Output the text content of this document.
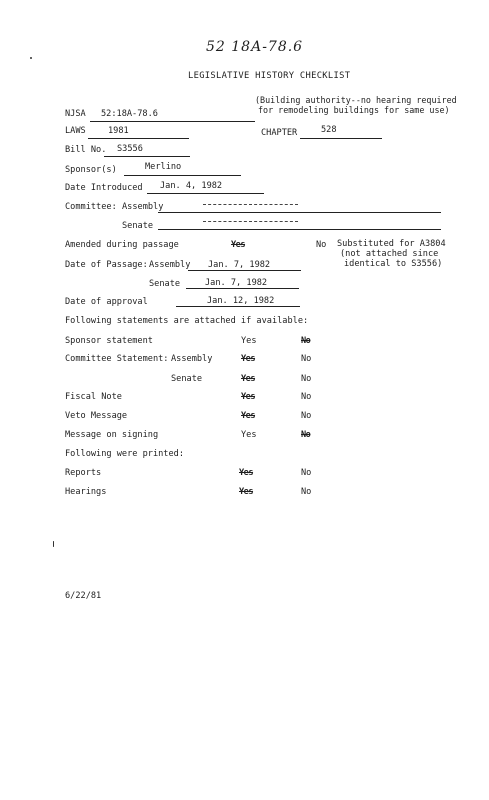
52 18A-78.6
LEGISLATIVE HISTORY CHECKLIST
(Building authority--no hearing required
for remodeling buildings for same use)
NJSA 52:18A-78.6
LAWS	1981	CHAPTER	528
Bill No. S3556
Sponsor(s)	Merlino
Date Introduced Jan. 4, 1982
Committee: Assembly
Senate
Amended during passage	Yes	No Substituted for A3804
(not attached since
identical to S3556)
Date of Passage: Assembly Jan. 7, 1982
Senate	Jan. 7, 1982
Date of approval	Jan. 12, 1982
Following statements are attached if available:
Sponsor statement	Yes	No
Committee Statement: Assembly	Yes	No
Senate	Yes	No
Fiscal Note	Yes	No
Veto Message	Yes	No
Message on signing	Yes	No
Following were printed:
Reports	Yes	No
Hearings	Yes	No
6/22/81
